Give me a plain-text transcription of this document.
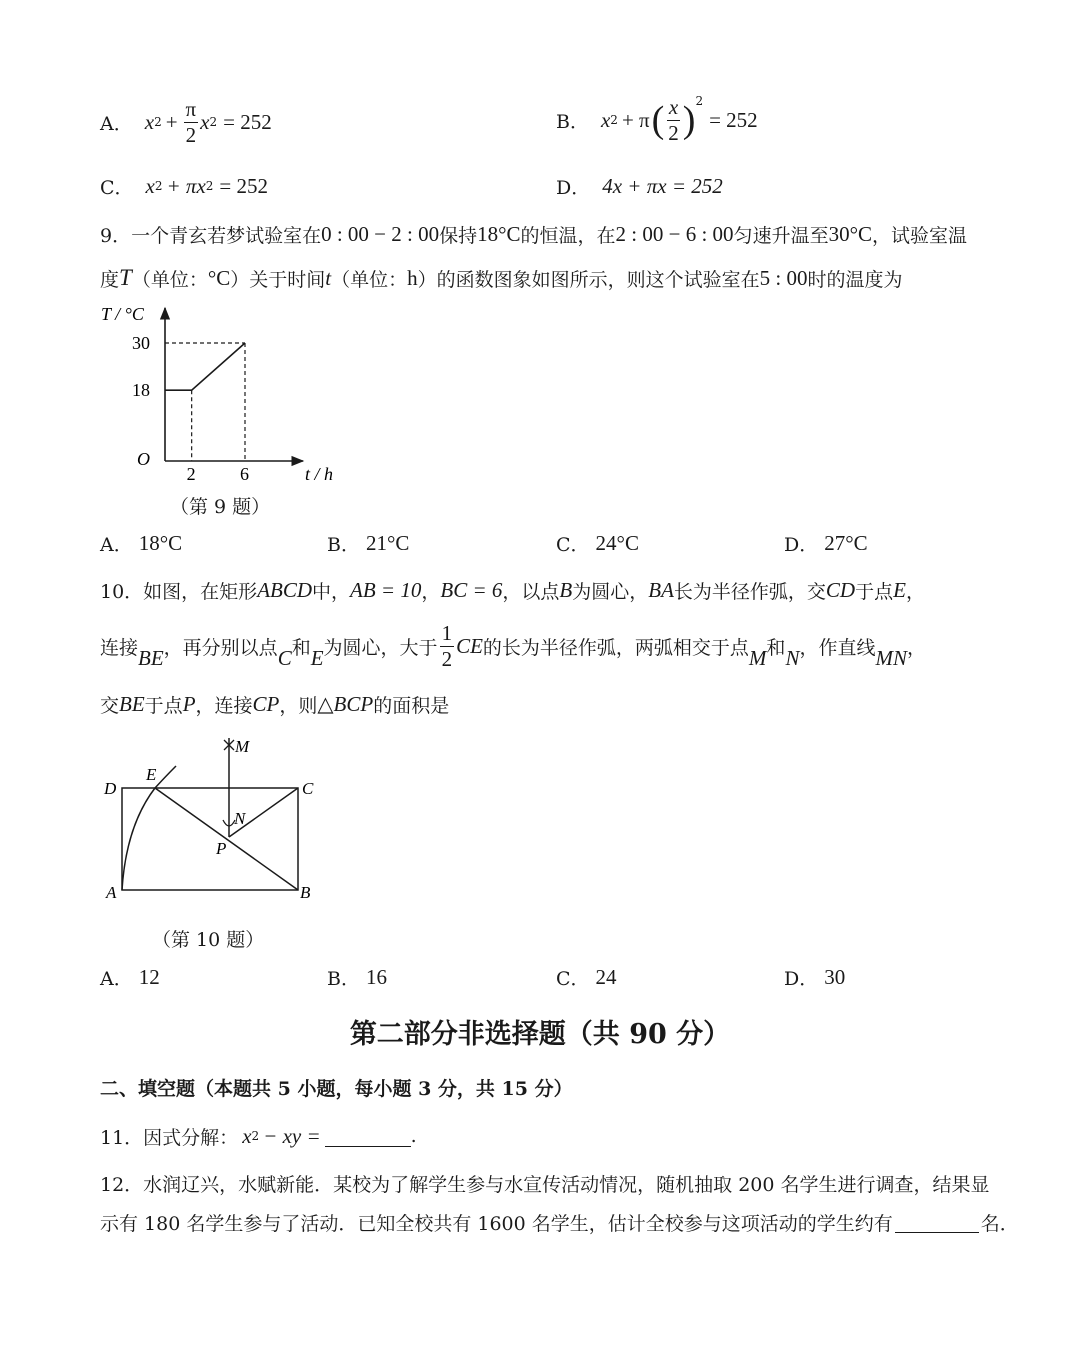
A． x $2 + \frac{\pi}{2}$ x 2 = 252	B． x 2 + π ( $\frac{x}{2} )^2$
= 252
C． x 2 + πx 2 = 252	D． 4x + πx = 252
9．一个青玄若梦试验室在 0 : 00 − 2 : 00 保持 18°C 的恒温，在 2 : 00 − 6 : 00 匀速升温至 30°C ，试验室温
度 T （单位： °C ）关于时间 t （单位： h ）的函数图象如图所示，则这个试验室在 5 : 00 时的温度为
2 6
18
30
O
T / °C
t / h
（第 9 题）
A． 18°C	B． 21°C	C． 24°C	D． 27°C
10．如图，在矩形 ABCD 中， AB = 10 ， BC = 6 ，以点 B 为圆心， BA 长为半径作弧，交 CD 于点 E ，
连接 BE ，再分别以点 C 和 E 为圆心，大于 $\frac{1}{2}$ CE 的长为半径作弧，两弧相交于点 M 和 N ，作直线 MN ，
交 BE 于点 P ，连接 CP ，则 △ BCP 的面积是
D
E
C
A	B
M
N
P
（第 10 题）
A． 12	B． 16	C． 24	D． 30
第二部分非选择题（共 90 分）
二、填空题（本题共 5 小题，每小题 3 分，共 15 分）
11．因式分解： x 2 − xy =	.
12．水润辽兴，水赋新能．某校为了解学生参与水宣传活动情况，随机抽取 200 名学生进行调查，结果显
示有 180 名学生参与了活动．已知全校共有 1600 名学生，估计全校参与这项活动的学生约有	名．
